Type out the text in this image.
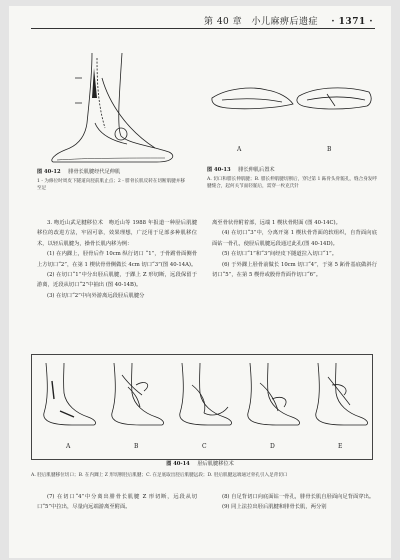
第 40 章 小儿麻痹后遗症 · 1371 ·
图 40-12 腓骨长肌腱经代足伸肌
1 - 为修位时周皮下隧道向胫前肌止点；2 - 腓骨长肌反转在切断肌腱并移至足
A	B
图 40-13 腓长伸肌后置术
A. 切口和腓长伸肌腱；B. 腓长伸肌腱切断后，穿过第 1 跖骨头骨骺孔，缝合身发呼腱缝合，起何关节面轻骺后，需穿一枚克氏针

3. 吻近山武足腱移位术　吻近山等 1988 年报道一种胫后肌腱移位的改进方法，牢固可靠，效果理想，广泛用于足部多种肌移位术，以轻后肌腱为，操骨长肌内移为例：

(1) 在内踝上，胫骨后作 10cm 纵行切口 “1”，于骨跗骨面侧骨上方切口“2”，在第 1 楔状骨骨侧做长 4cm 切口“3”(图 40-14A)。

(2) 在切口“1”中分出胫后肌腱，于踝上 Z 形切断，远段保留于游离，近段从切口“2”中抽出 (图 40-14B)。

(3) 在切口“2”中向外游离远段胫后肌腱分

离至骨状骨附着部，远端 1 楔状骨附面 (图 40-14C)。

(4) 在切口“3”中，分离开第 1 楔状骨背面的软组织，自背面向底面钻一骨孔，使胫后肌腱远段通过此孔(图 40-14D)。

(5) 在切口“1”和“3”间经皮下隧道拉入切口“1”。

(6) 于外踝上胫骨前做长 10cm 切口“4”，于第 5 跖骨基底做斜行切口“5”，在第 5 楔骨或骰骨背面作切口“6”。

A	B	C	D	E
图 40-14 胫后肌腱移位术
A. 胫后肌腱移位切口；B. 在内踝上 Z 形切断胫后肌腱；C. 在足底取出胫后肌腱远段；D. 胫后肌腱远端通过骨孔引入足背切口

(7) 在切口“4”中分离出腓骨长肌腱 Z 形切断，远段从切口“5”中拉出，尽量向远端游离至附面。

(8) 自足背切口向底面钻一骨孔，腓骨长肌自胫面向足背面穿出。

(9) 同上法拉出胫后肌腱和腓骨长肌，两分别
